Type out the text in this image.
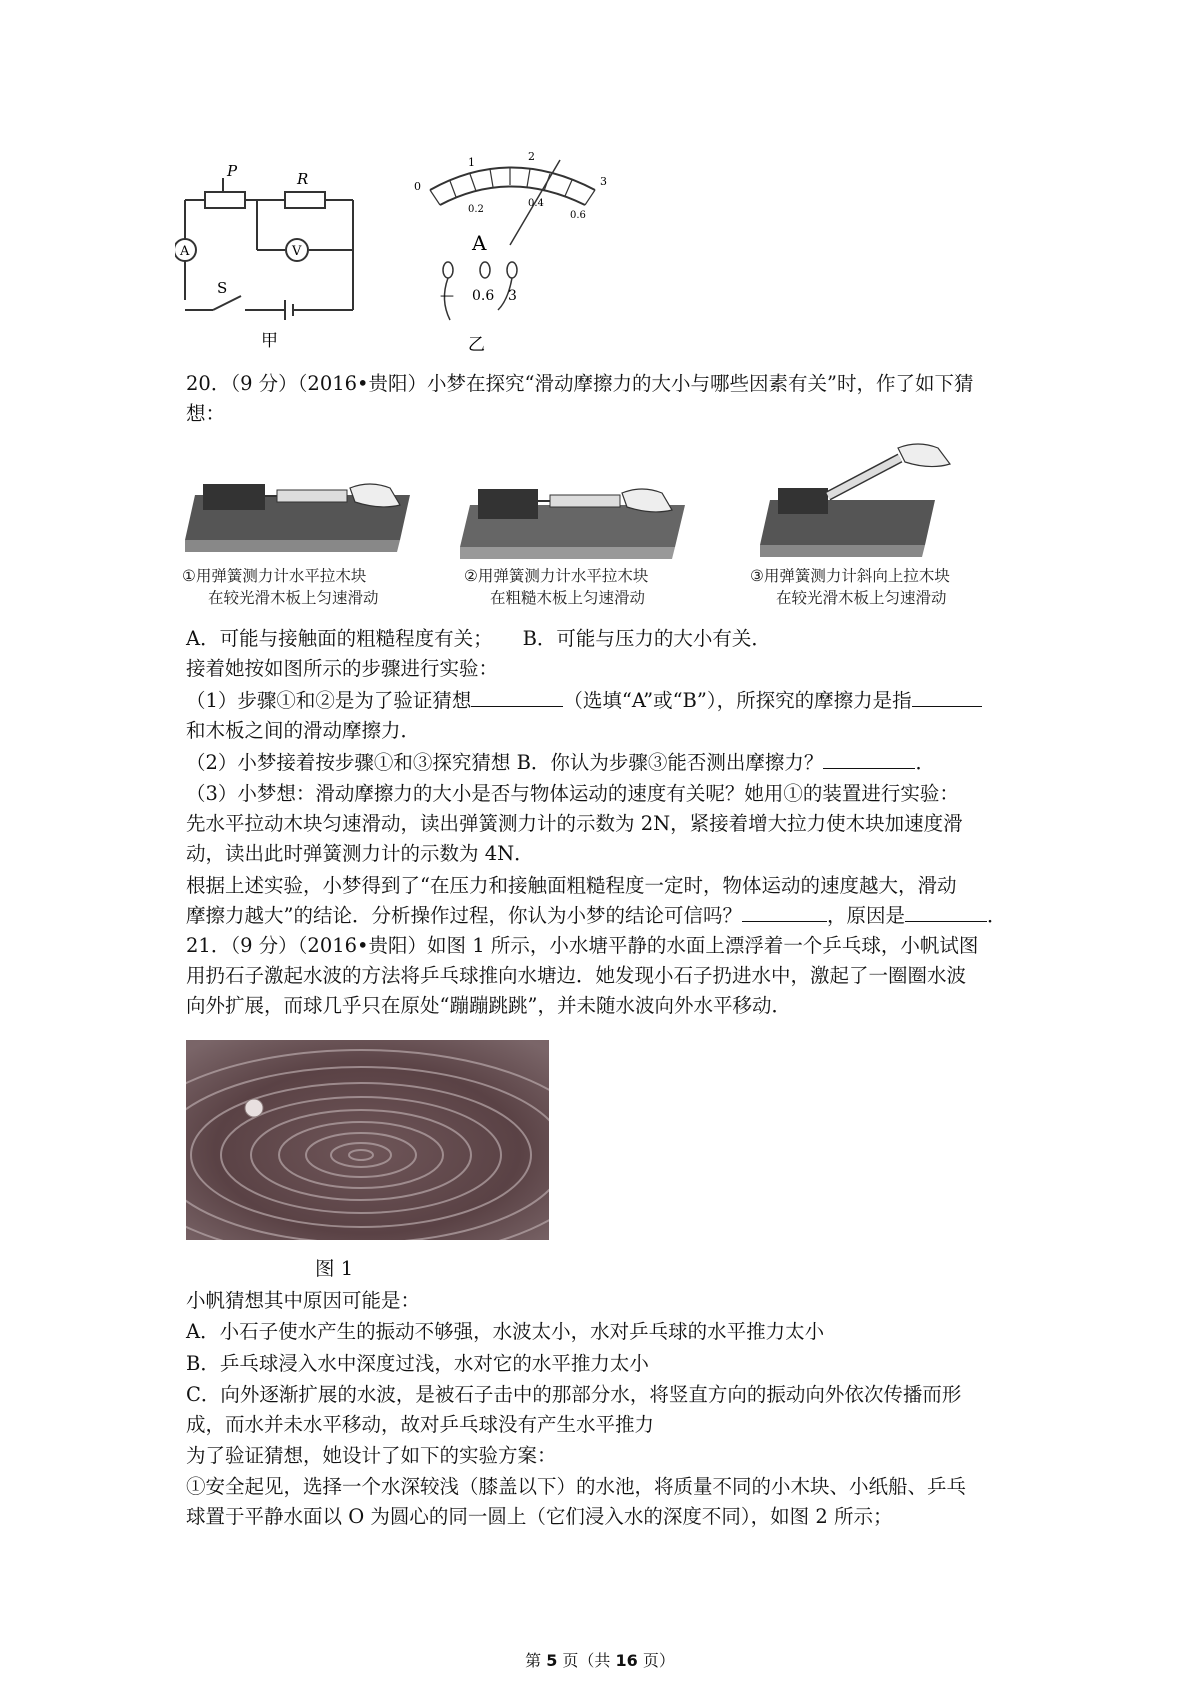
P	R
A	V
S
甲
0
1	2
3
0.2
0.4
0.6
A
— 0.6 3
乙
20．（9 分）（2016•贵阳）小梦在探究“滑动摩擦力的大小与哪些因素有关”时，作了如下猜
想：
①用弹簧测力计水平拉木块
在较光滑木板上匀速滑动
②用弹簧测力计水平拉木块
在粗糙木板上匀速滑动
③用弹簧测力计斜向上拉木块
在较光滑木板上匀速滑动
A．可能与接触面的粗糙程度有关； B．可能与压力的大小有关．
接着她按如图所示的步骤进行实验：
（1）步骤①和②是为了验证猜想	（选填“A”或“B”），所探究的摩擦力是指
和木板之间的滑动摩擦力．
（2）小梦接着按步骤①和③探究猜想 B．你认为步骤③能否测出摩擦力？	．
（3）小梦想：滑动摩擦力的大小是否与物体运动的速度有关呢？她用①的装置进行实验：
先水平拉动木块匀速滑动，读出弹簧测力计的示数为 2N，紧接着增大拉力使木块加速度滑
动，读出此时弹簧测力计的示数为 4N．
根据上述实验，小梦得到了“在压力和接触面粗糙程度一定时，物体运动的速度越大，滑动
摩擦力越大”的结论．分析操作过程，你认为小梦的结论可信吗？	，原因是	．
21．（9 分）（2016•贵阳）如图 1 所示，小水塘平静的水面上漂浮着一个乒乓球，小帆试图
用扔石子激起水波的方法将乒乓球推向水塘边．她发现小石子扔进水中，激起了一圈圈水波
向外扩展，而球几乎只在原处“蹦蹦跳跳”，并未随水波向外水平移动．
图 1
小帆猜想其中原因可能是：
A．小石子使水产生的振动不够强，水波太小，水对乒乓球的水平推力太小
B．乒乓球浸入水中深度过浅，水对它的水平推力太小
C．向外逐渐扩展的水波，是被石子击中的那部分水，将竖直方向的振动向外依次传播而形
成，而水并未水平移动，故对乒乓球没有产生水平推力
为了验证猜想，她设计了如下的实验方案：
①安全起见，选择一个水深较浅（膝盖以下）的水池，将质量不同的小木块、小纸船、乒乓
球置于平静水面以 O 为圆心的同一圆上（它们浸入水的深度不同），如图 2 所示；
第 5 页（共 16 页）
